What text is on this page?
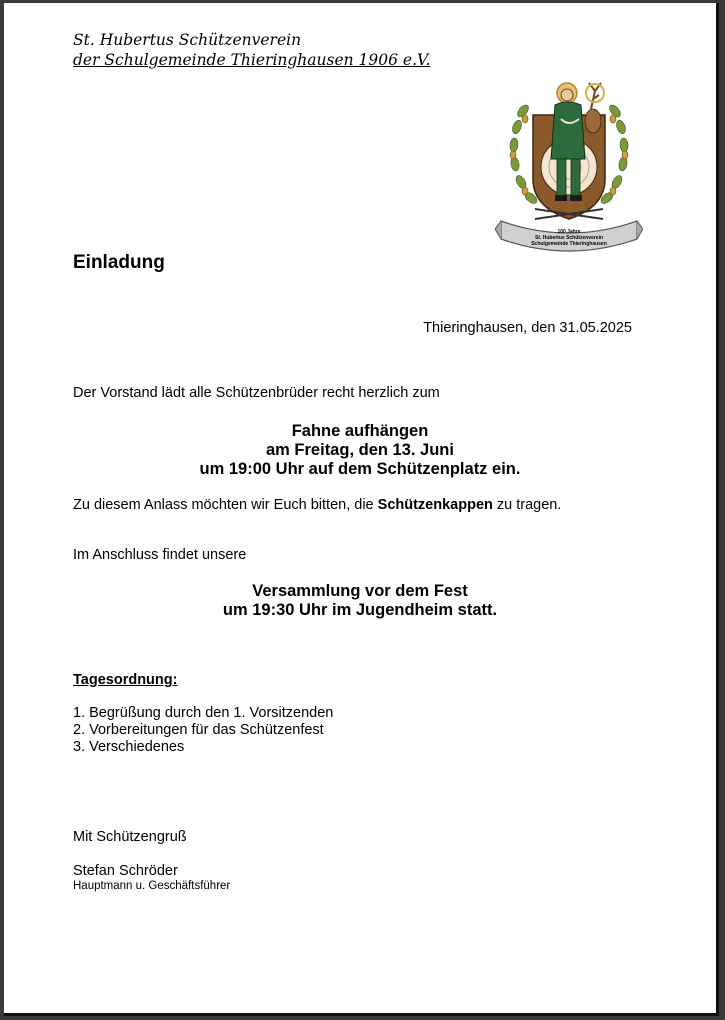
St. Hubertus Schützenverein
der Schulgemeinde Thieringhausen 1906 e.V.
100 Jahre
St. Hubertus Schützenverein
Schulgemeinde Thieringhausen
Einladung
Thieringhausen, den 31.05.2025
Der Vorstand lädt alle Schützenbrüder recht herzlich zum
Fahne aufhängen
am Freitag, den 13. Juni
um 19:00 Uhr auf dem Schützenplatz ein.
Zu diesem Anlass möchten wir Euch bitten, die Schützenkappen zu tragen.
Im Anschluss findet unsere
Versammlung vor dem Fest
um 19:30 Uhr im Jugendheim statt.
Tagesordnung:
1. Begrüßung durch den 1. Vorsitzenden
2. Vorbereitungen für das Schützenfest
3. Verschiedenes
Mit Schützengruß
Stefan Schröder
Hauptmann u. Geschäftsführer
